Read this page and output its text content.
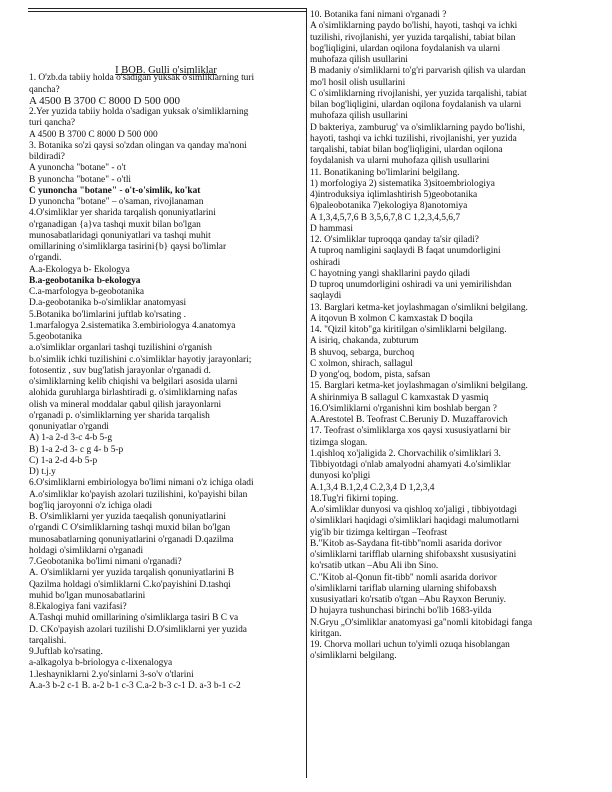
I BOB. Gulli o'simliklar

1. O'zb.da tabiiy holda o'sadigan yuksak o'simliklarning turi
qancha?
A 4500 B 3700 C 8000 D 500 000
2.Yer yuzida tabiiy holda o'sadigan yuksak o'simliklarning
turi qancha?
A 4500 B 3700 C 8000 D 500 000
3. Botanika so'zi qaysi so'zdan olingan va qanday ma'noni
bildiradi?
A yunoncha "botane" - o't
B yunoncha "botane" - o'tli
C yunoncha "botane" - o't-o'simlik, ko'kat
D yunoncha "botane" – o'saman, rivojlanaman
4.O'simliklar yer sharida tarqalish qonuniyatlarini
o'rganadigan {a}va tashqi muxit bilan bo'lgan
munosabatlaridagi qonuniyatlari va tashqi muhit
omillarining o'simliklarga tasirini{b} qaysi bo'limlar
o'rgandi.
A.a-Ekologya b- Ekologya
B.a-geobotanika b-ekologya
C.a-marfologya b-geobotanika
D.a-geobotanika b-o'simliklar anatomyasi
5.Botanika bo'limlarini juftlab ko'rsating .
1.marfalogya 2.sistematika 3.embiriologya 4.anatomya
5.geobotanika
a.o'simliklar organlari tashqi tuzilishini o'rganish
b.o'simlik ichki tuzilishini c.o'simliklar hayotiy jarayonlari;
fotosentiz , suv bug'latish jarayonlar o'rganadi d.
o'simliklarning kelib chiqishi va belgilari asosida ularni
alohida guruhlarga birlashtiradi g. o'simliklarning nafas
olish va mineral moddalar qabul qilish jarayonlarni
o'rganadi p. o'simliklarning yer sharida tarqalish
qonuniyatlar o'rgandi
A) 1-a 2-d 3-c 4-b 5-g
B) 1-a 2-d 3- c g 4- b 5-p
C) 1-a 2-d 4-b 5-p
D) t.j.y
6.O'simliklarni embiriologya bo'limi nimani o'z ichiga oladi
A.o'simliklar ko'payish azolari tuzilishini, ko'payishi bilan
bog'liq jaroyonni o'z ichiga oladi
B. O'simliklarni yer yuzida taeqalish qonuniyatlarini
o'rgandi C O'simliklarning tashqi muxid bilan bo'lgan
munosabatlarning qonuniyatlarini o'rganadi D.qazilma
holdagi o'simliklarni o'rganadi
7.Geobotanika bo'limi nimani o'rganadi?
A. O'simliklarni yer yuzida tarqalish qonuniyatlarini B
Qazilma holdagi o'simliklarni C.ko'payishini D.tashqi
muhid bo'lgan munosabatlarini
8.Ekalogiya fani vazifasi?
A.Tashqi muhid omillarining o'simliklarga tasiri B C va
D. CKo'payish azolari tuzilishi D.O'simliklarni yer yuzida
tarqalishi.
9.Juftlab ko'rsating.
a-alkagolya b-briologya c-lixenalogya
1.leshayniklarni 2.yo'sinlarni 3-so'v o'tlarini
A.a-3 b-2 c-1 B. a-2 b-1 c-3 C.a-2 b-3 c-1 D. a-3 b-1 c-2
10. Botanika fani nimani o'rganadi ?
A o'simliklarning paydo bo'lishi, hayoti, tashqi va ichki
tuzilishi, rivojlanishi, yer yuzida tarqalishi, tabiat bilan
bog'liqligini, ulardan oqilona foydalanish va ularni
muhofaza qilish usullarini
B madaniy o'simliklarni to'g'ri parvarish qilish va ulardan
mo'l hosil olish usullarini
C o'simliklarning rivojlanishi, yer yuzida tarqalishi, tabiat
bilan bog'liqligini, ulardan oqilona foydalanish va ularni
muhofaza qilish usullarini
D bakteriya, zamburug' va o'simliklarning paydo bo'lishi,
hayoti, tashqi va ichki tuzilishi, rivojlanishi, yer yuzida
tarqalishi, tabiat bilan bog'liqligini, ulardan oqilona
foydalanish va ularni muhofaza qilish usullarini
11. Bonatikaning bo'limlarini belgilang.
1) morfologiya 2) sistematika 3)sitoembriologiya
4)introduksiya iqlimlashtirish 5)geobotanika
6)paleobotanika 7)ekologiya 8)anotomiya
A 1,3,4,5,7,6 B 3,5,6,7,8 C 1,2,3,4,5,6,7
D hammasi
12. O'simliklar tuproqqa qanday ta'sir qiladi?
A tuproq namligini saqlaydi B faqat unumdorligini
oshiradi
C hayotning yangi shakllarini paydo qiladi
D tuproq unumdorligini oshiradi va uni yemirilishdan
saqlaydi
13. Barglari ketma-ket joylashmagan o'simlikni belgilang.
A itqovun B xolmon C kamxastak D boqila
14. "Qizil kitob"ga kiritilgan o'simliklarni belgilang.
A isiriq, chakanda, zubturum
B shuvoq, sebarga, burchoq
C xolmon, shirach, sallagul
D yong'oq, bodom, pista, safsan
15. Barglari ketma-ket joylashmagan o'simlikni belgilang.
A shirinmiya B sallagul C kamxastak D yasmiq
16.O'simliklarni o'rganishni kim boshlab bergan ?
A.Arestotel B. Teofrast C.Beruniy D. Muzaffarovich
17. Teofrast o'simliklarga xos qaysi xususiyatlarni bir
tizimga slogan.
1.qishloq xo'jaligida 2. Chorvachilik o'simliklari 3.
Tibbiyotdagi o'nlab amalyodni ahamyati 4.o'simliklar
dunyosi ko'pligi
A.1,3,4 B.1,2,4 C.2,3,4 D 1,2,3,4
18.Tug'ri fikirni toping.
A.o'simliklar dunyosi va qishloq xo'jaligi , tibbiyotdagi
o'simliklari haqidagi o'simliklari haqidagi malumotlarni
yig'ib bir tizimga keltirgan –Teofrast
B."Kitob as-Saydana fit-tibb"nomli asarida dorivor
o'simliklarni tarifflab ularning shifobaxsht xususiyatini
ko'rsatib utkan –Abu Ali ibn Sino.
C."Kitob al-Qonun fit-tibb" nomli asarida dorivor
o'simliklarni tariflab ularning ularning shifobaxsh
xususiyatlari ko'rsatib o'tgan –Abu Rayxon Beruniy.
D hujayra tushunchasi birinchi bo'lib 1683-yilda
N.Gryu „O'simliklar anatomyasi ga"nomli kitobidagi fanga
kiritgan.
19. Chorva mollari uchun to'yimli ozuqa hisoblangan
o'simliklarni belgilang.
